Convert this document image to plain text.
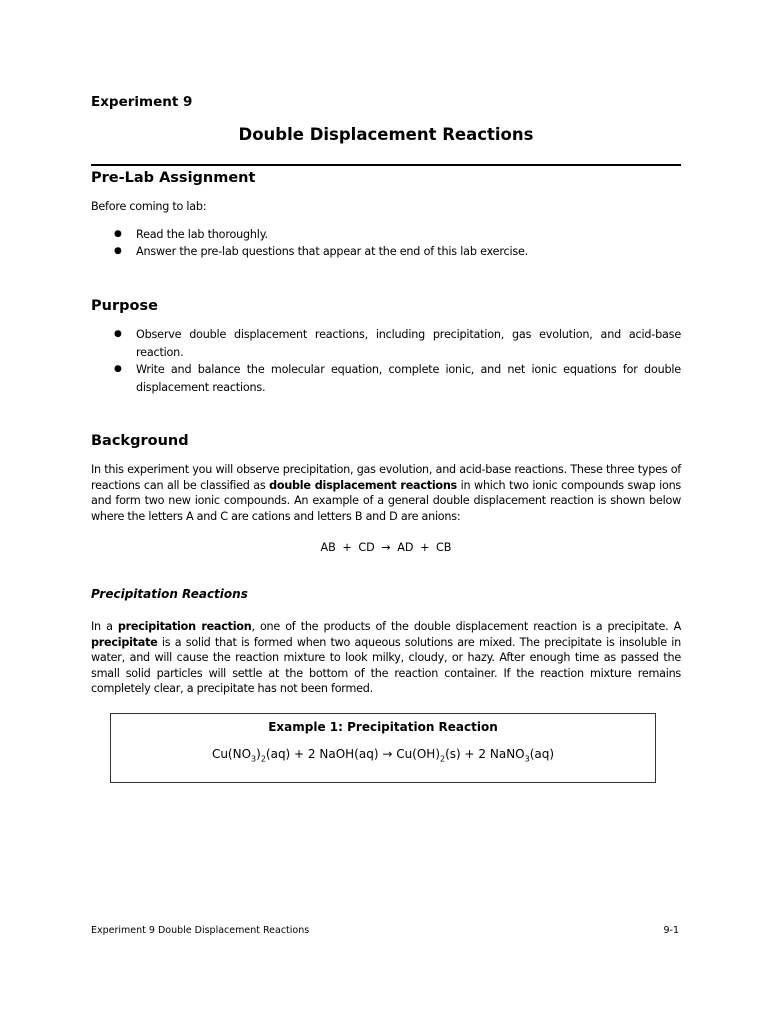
Experiment 9
Double Displacement Reactions
Pre-Lab Assignment
Before coming to lab:
● Read the lab thoroughly.
● Answer the pre-lab questions that appear at the end of this lab exercise.
Purpose
● Observe double displacement reactions, including precipitation, gas evolution, and acid-base reaction.
● Write and balance the molecular equation, complete ionic, and net ionic equations for double displacement reactions.
Background
In this experiment you will observe precipitation, gas evolution, and acid-base reactions. These three types of reactions can all be classified as double displacement reactions in which two ionic compounds swap ions and form two new ionic compounds. An example of a general double displacement reaction is shown below where the letters A and C are cations and letters B and D are anions:
AB + CD → AD + CB
Precipitation Reactions
In a precipitation reaction, one of the products of the double displacement reaction is a precipitate. A precipitate is a solid that is formed when two aqueous solutions are mixed. The precipitate is insoluble in water, and will cause the reaction mixture to look milky, cloudy, or hazy. After enough time as passed the small solid particles will settle at the bottom of the reaction container. If the reaction mixture remains completely clear, a precipitate has not been formed.
Example 1: Precipitation Reaction
$Cu(NO_3)_2(aq) + 2$ NaOH(aq) → $Cu(OH)_2(s) + 2$ NaNO$_3$(aq)
Experiment 9 Double Displacement Reactions	9-1
